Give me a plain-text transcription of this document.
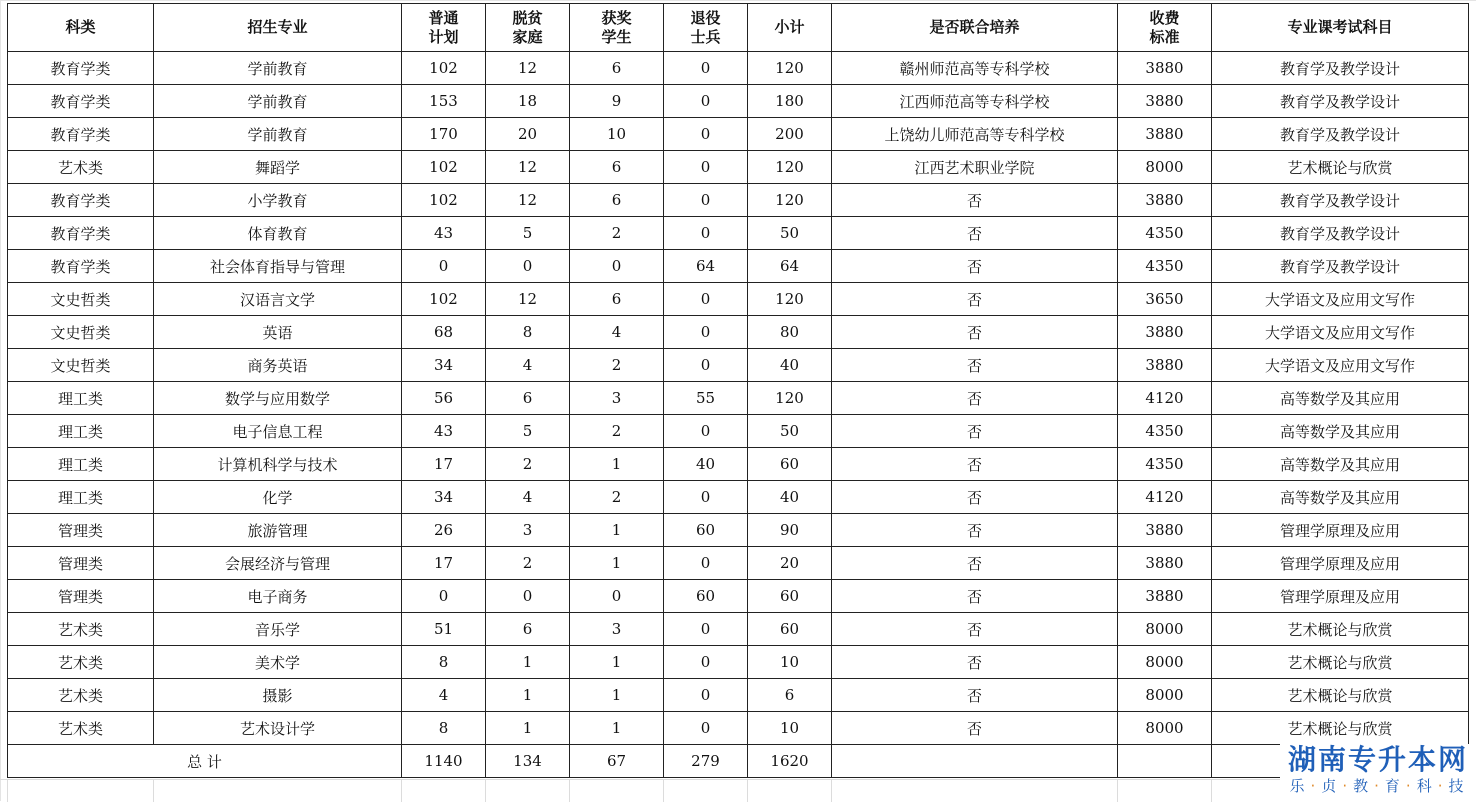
科类	招生专业	普通计划	脱贫家庭	获奖学生	退役士兵	小计	是否联合培养	收费标准	专业课考试科目
教育学类	学前教育	102	12	6	0	120	赣州师范高等专科学校	3880	教育学及教学设计
教育学类	学前教育	153	18	9	0	180	江西师范高等专科学校	3880	教育学及教学设计
教育学类	学前教育	170	20	10	0	200	上饶幼儿师范高等专科学校	3880	教育学及教学设计
艺术类	舞蹈学	102	12	6	0	120	江西艺术职业学院	8000	艺术概论与欣赏
教育学类	小学教育	102	12	6	0	120	否	3880	教育学及教学设计
教育学类	体育教育	43	5	2	0	50	否	4350	教育学及教学设计
教育学类	社会体育指导与管理	0	0	0	64	64	否	4350	教育学及教学设计
文史哲类	汉语言文学	102	12	6	0	120	否	3650	大学语文及应用文写作
文史哲类	英语	68	8	4	0	80	否	3880	大学语文及应用文写作
文史哲类	商务英语	34	4	2	0	40	否	3880	大学语文及应用文写作
理工类	数学与应用数学	56	6	3	55	120	否	4120	高等数学及其应用
理工类	电子信息工程	43	5	2	0	50	否	4350	高等数学及其应用
理工类	计算机科学与技术	17	2	1	40	60	否	4350	高等数学及其应用
理工类	化学	34	4	2	0	40	否	4120	高等数学及其应用
管理类	旅游管理	26	3	1	60	90	否	3880	管理学原理及应用
管理类	会展经济与管理	17	2	1	0	20	否	3880	管理学原理及应用
管理类	电子商务	0	0	0	60	60	否	3880	管理学原理及应用
艺术类	音乐学	51	6	3	0	60	否	8000	艺术概论与欣赏
艺术类	美术学	8	1	1	0	10	否	8000	艺术概论与欣赏
艺术类	摄影	4	1	1	0	6	否	8000	艺术概论与欣赏
艺术类	艺术设计学	8	1	1	0	10	否	8000	艺术概论与欣赏
总 计		1140	134	67	279	1620				湖南专升本网
乐 · 贞 · 教 · 育 · 科 · 技
